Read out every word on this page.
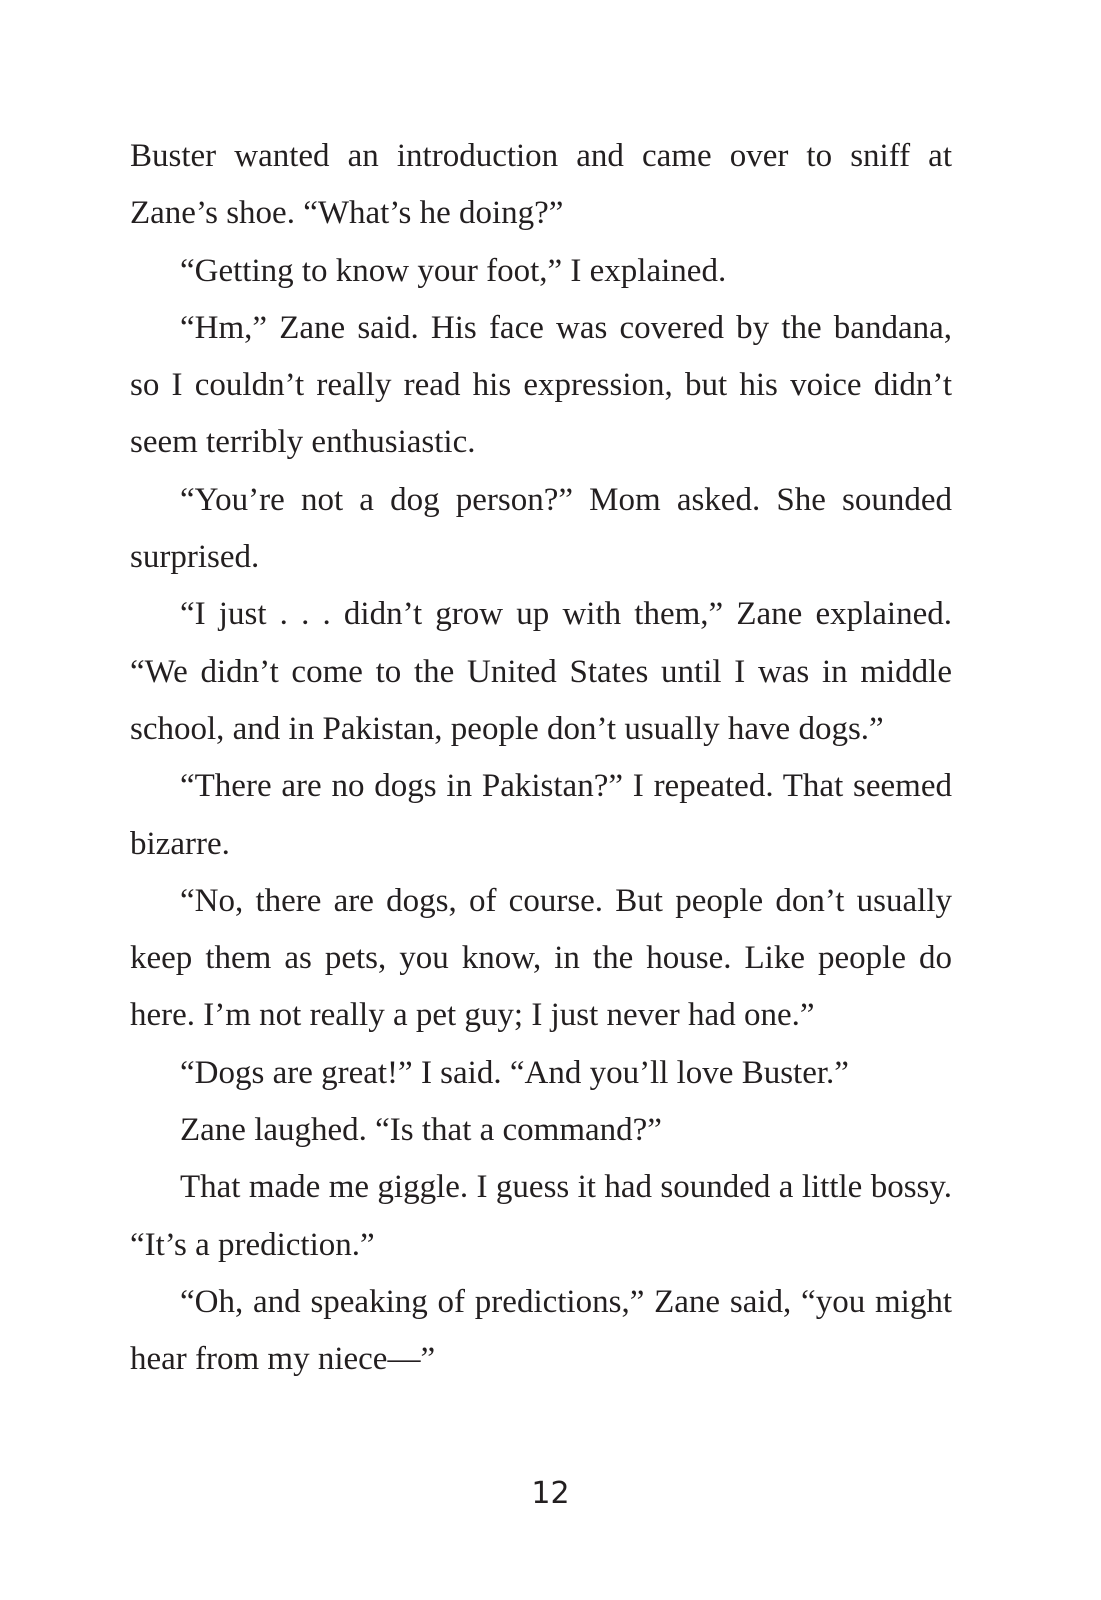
Buster wanted an introduction and came over to sniff at Zane’s shoe. “What’s he doing?”

“Getting to know your foot,” I explained.

“Hm,” Zane said. His face was covered by the bandana, so I couldn’t really read his expression, but his voice didn’t seem terribly enthusiastic.

“You’re not a dog person?” Mom asked. She sounded surprised.

“I just . . . didn’t grow up with them,” Zane explained. “We didn’t come to the United States until I was in middle school, and in Pakistan, people don’t usually have dogs.”

“There are no dogs in Pakistan?” I repeated. That seemed bizarre.

“No, there are dogs, of course. But people don’t usually keep them as pets, you know, in the house. Like people do here. I’m not really a pet guy; I just never had one.”

“Dogs are great!” I said. “And you’ll love Buster.”

Zane laughed. “Is that a command?”

That made me giggle. I guess it had sounded a little bossy. “It’s a prediction.”

“Oh, and speaking of predictions,” Zane said, “you might hear from my niece—”

12
